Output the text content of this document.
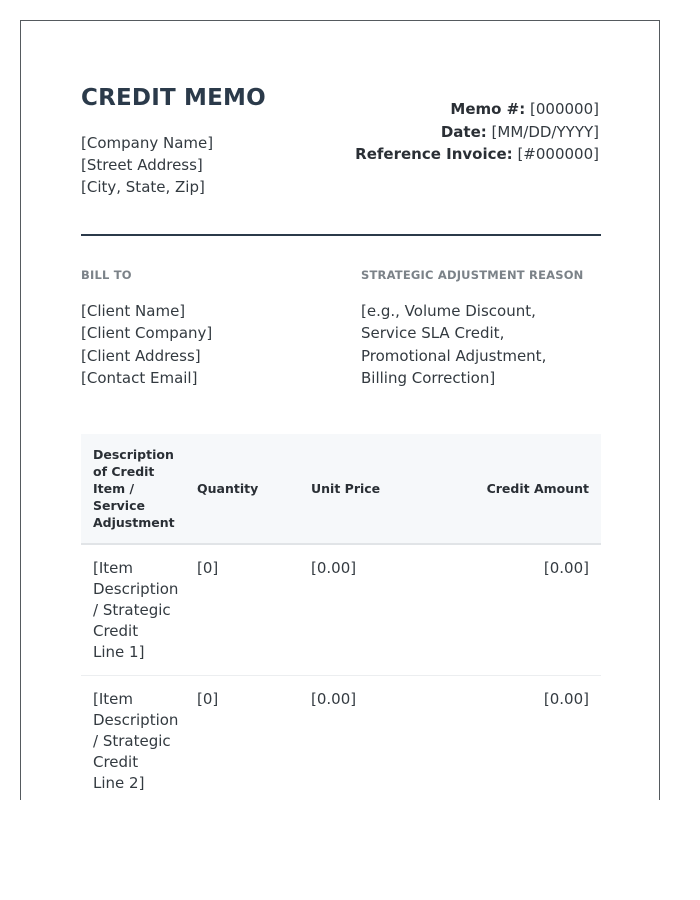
CREDIT MEMO
[Company Name]
[Street Address]
[City, State, Zip]
Memo #: [000000]
Date: [MM/DD/YYYY]
Reference Invoice: [#000000]
BILL TO
[Client Name]
[Client Company]
[Client Address]
[Contact Email]
STRATEGIC ADJUSTMENT REASON
[e.g., Volume Discount, Service SLA Credit, Promotional Adjustment, Billing Correction]
Description of Credit Item / Service Adjustment	Quantity	Unit Price	Credit Amount
[Item Description / Strategic Credit Line 1]	[0]	[0.00]	[0.00]
[Item Description / Strategic Credit Line 2]	[0]	[0.00]	[0.00]
